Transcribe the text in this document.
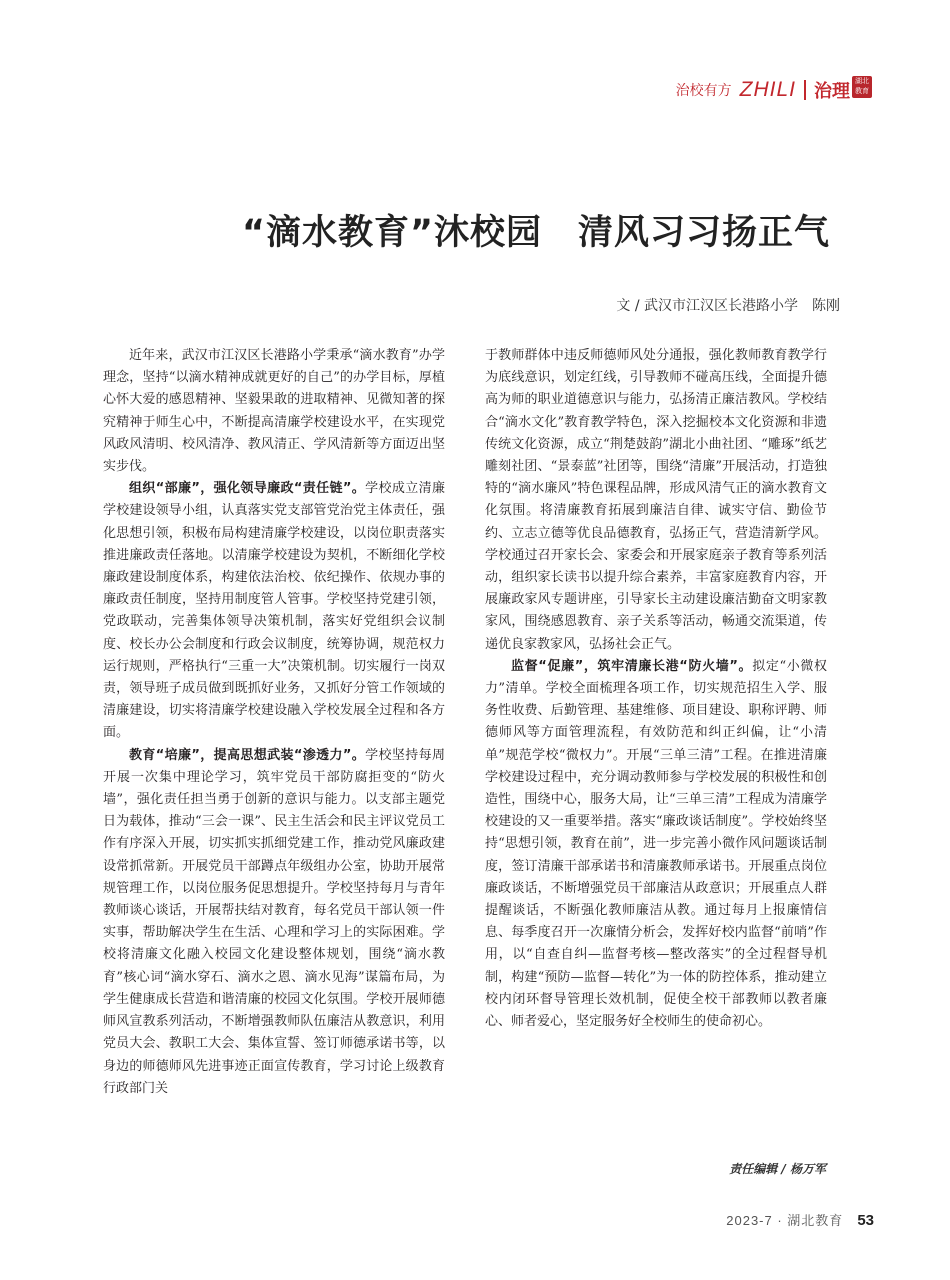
治校有方 ZHILI 治理 湖北教育
“滴水教育”沐校园　清风习习扬正气
文 / 武汉市江汉区长港路小学　陈刚

近年来，武汉市江汉区长港路小学秉承“滴水教育”办学理念，坚持“以滴水精神成就更好的自己”的办学目标，厚植心怀大爱的感恩精神、坚毅果敢的进取精神、见微知著的探究精神于师生心中，不断提高清廉学校建设水平，在实现党风政风清明、校风清净、教风清正、学风清新等方面迈出坚实步伐。

组织“部廉”，强化领导廉政“责任链”。学校成立清廉学校建设领导小组，认真落实党支部管党治党主体责任，强化思想引领，积极布局构建清廉学校建设，以岗位职责落实推进廉政责任落地。以清廉学校建设为契机，不断细化学校廉政建设制度体系，构建依法治校、依纪操作、依规办事的廉政责任制度，坚持用制度管人管事。学校坚持党建引领，党政联动，完善集体领导决策机制，落实好党组织会议制度、校长办公会制度和行政会议制度，统筹协调，规范权力运行规则，严格执行“三重一大”决策机制。切实履行一岗双责，领导班子成员做到既抓好业务，又抓好分管工作领域的清廉建设，切实将清廉学校建设融入学校发展全过程和各方面。

教育“培廉”，提高思想武装“渗透力”。学校坚持每周开展一次集中理论学习，筑牢党员干部防腐拒变的“防火墙”，强化责任担当勇于创新的意识与能力。以支部主题党日为载体，推动“三会一课”、民主生活会和民主评议党员工作有序深入开展，切实抓实抓细党建工作，推动党风廉政建设常抓常新。开展党员干部蹲点年级组办公室，协助开展常规管理工作，以岗位服务促思想提升。学校坚持每月与青年教师谈心谈话，开展帮扶结对教育，每名党员干部认领一件实事，帮助解决学生在生活、心理和学习上的实际困难。学校将清廉文化融入校园文化建设整体规划，围绕“滴水教育”核心词“滴水穿石、滴水之恩、滴水见海”谋篇布局，为学生健康成长营造和谐清廉的校园文化氛围。学校开展师德师风宣教系列活动，不断增强教师队伍廉洁从教意识，利用党员大会、教职工大会、集体宣誓、签订师德承诺书等，以身边的师德师风先进事迹正面宣传教育，学习讨论上级教育行政部门关

于教师群体中违反师德师风处分通报，强化教师教育教学行为底线意识，划定红线，引导教师不碰高压线，全面提升德高为师的职业道德意识与能力，弘扬清正廉洁教风。学校结合“滴水文化”教育教学特色，深入挖掘校本文化资源和非遗传统文化资源，成立“荆楚鼓韵”湖北小曲社团、“雕琢”纸艺雕刻社团、“景泰蓝”社团等，围绕“清廉”开展活动，打造独特的“滴水廉风”特色课程品牌，形成风清气正的滴水教育文化氛围。将清廉教育拓展到廉洁自律、诚实守信、勤俭节约、立志立德等优良品德教育，弘扬正气，营造清新学风。学校通过召开家长会、家委会和开展家庭亲子教育等系列活动，组织家长读书以提升综合素养，丰富家庭教育内容，开展廉政家风专题讲座，引导家长主动建设廉洁勤奋文明家教家风，围绕感恩教育、亲子关系等活动，畅通交流渠道，传递优良家教家风，弘扬社会正气。

监督“促廉”，筑牢清廉长港“防火墙”。拟定“小微权力”清单。学校全面梳理各项工作，切实规范招生入学、服务性收费、后勤管理、基建维修、项目建设、职称评聘、师德师风等方面管理流程，有效防范和纠正纠偏，让“小清单”规范学校“微权力”。开展“三单三清”工程。在推进清廉学校建设过程中，充分调动教师参与学校发展的积极性和创造性，围绕中心，服务大局，让“三单三清”工程成为清廉学校建设的又一重要举措。落实“廉政谈话制度”。学校始终坚持“思想引领，教育在前”，进一步完善小微作风问题谈话制度，签订清廉干部承诺书和清廉教师承诺书。开展重点岗位廉政谈话，不断增强党员干部廉洁从政意识；开展重点人群提醒谈话，不断强化教师廉洁从教。通过每月上报廉情信息、每季度召开一次廉情分析会，发挥好校内监督“前哨”作用，以“自查自纠—监督考核—整改落实”的全过程督导机制，构建“预防—监督—转化”为一体的防控体系，推动建立校内闭环督导管理长效机制，促使全校干部教师以教者廉心、师者爱心，坚定服务好全校师生的使命初心。

责任编辑 / 杨万军
2023-7 · 湖北教育 53
